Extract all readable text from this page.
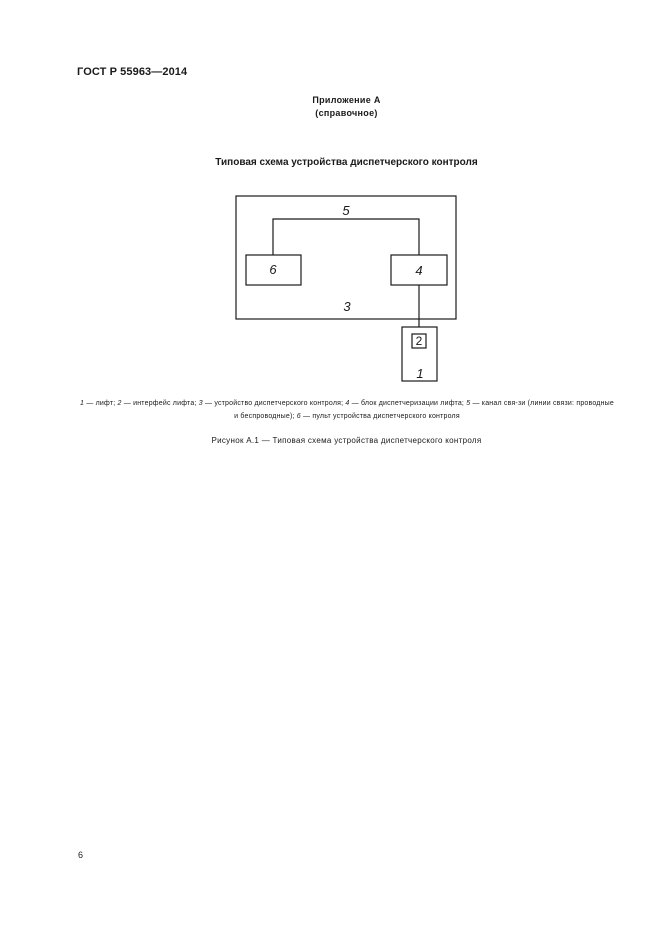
ГОСТ Р 55963—2014
Приложение А
(справочное)
Типовая схема устройства диспетчерского контроля
5
6	4
3
2
1
1 — лифт; 2 — интерфейс лифта; 3 — устройство диспетчерского контроля; 4 — блок диспетчеризации лифта; 5 — канал свя-зи (линии связи: проводные и беспроводные); 6 — пульт устройства диспетчерского контроля
Рисунок А.1 — Типовая схема устройства диспетчерского контроля
6
